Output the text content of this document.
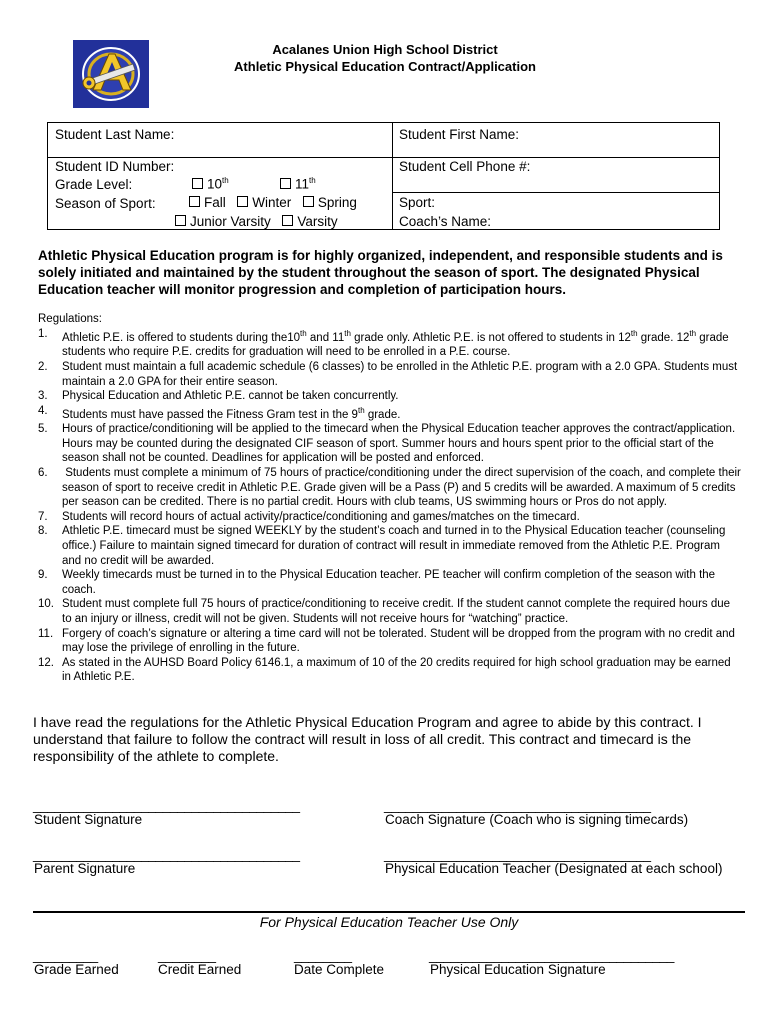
Acalanes Union High School District
Athletic Physical Education Contract/Application
Student Last Name:	Student First Name:
Student ID Number:	Student Cell Phone #:
Grade Level:	10th	11th
Season of Sport:	Fall Winter Spring
Junior Varsity Varsity
Sport:
Coach’s Name:
Athletic Physical Education program is for highly organized, independent, and responsible students and is solely initiated and maintained by the student throughout the season of sport. The designated Physical Education teacher will monitor progression and completion of participation hours.
Regulations:
1.	Athletic P.E. is offered to students during the10th and 11th grade only. Athletic P.E. is not offered to students in 12th grade. 12th grade students who require P.E. credits for graduation will need to be enrolled in a P.E. course.
2.	Student must maintain a full academic schedule (6 classes) to be enrolled in the Athletic P.E. program with a 2.0 GPA. Students must maintain a 2.0 GPA for their entire season.
3.	Physical Education and Athletic P.E. cannot be taken concurrently.
4.	Students must have passed the Fitness Gram test in the 9th grade.
5.	Hours of practice/conditioning will be applied to the timecard when the Physical Education teacher approves the contract/application. Hours may be counted during the designated CIF season of sport. Summer hours and hours spent prior to the official start of the season shall not be counted. Deadlines for application will be posted and enforced.
6.	Students must complete a minimum of 75 hours of practice/conditioning under the direct supervision of the coach, and complete their season of sport to receive credit in Athletic P.E. Grade given will be a Pass (P) and 5 credits will be awarded. A maximum of 5 credits per season can be credited. There is no partial credit. Hours with club teams, US swimming hours or Pros do not apply.
7.	Students will record hours of actual activity/practice/conditioning and games/matches on the timecard.
8.	Athletic P.E. timecard must be signed WEEKLY by the student’s coach and turned in to the Physical Education teacher (counseling office.) Failure to maintain signed timecard for duration of contract will result in immediate removed from the Athletic P.E. Program and no credit will be awarded.
9.	Weekly timecards must be turned in to the Physical Education teacher. PE teacher will confirm completion of the season with the coach.
10. Student must complete full 75 hours of practice/conditioning to receive credit. If the student cannot complete the required hours due to an injury or illness, credit will not be given. Students will not receive hours for “watching” practice.
11. Forgery of coach’s signature or altering a time card will not be tolerated. Student will be dropped from the program with no credit and may lose the privilege of enrolling in the future.
12. As stated in the AUHSD Board Policy 6146.1, a maximum of 10 of the 20 credits required for high school graduation may be earned in Athletic P.E.
I have read the regulations for the Athletic Physical Education Program and agree to abide by this contract. I understand that failure to follow the contract will result in loss of all credit. This contract and timecard is the responsibility of the athlete to complete.
_____________________________________	_____________________________________
Student Signature	Coach Signature (Coach who is signing timecards)
_____________________________________	_____________________________________
Parent Signature	Physical Education Teacher (Designated at each school)
For Physical Education Teacher Use Only
_________	________	________	__________________________________
Grade Earned	Credit Earned	Date Complete	Physical Education Signature
